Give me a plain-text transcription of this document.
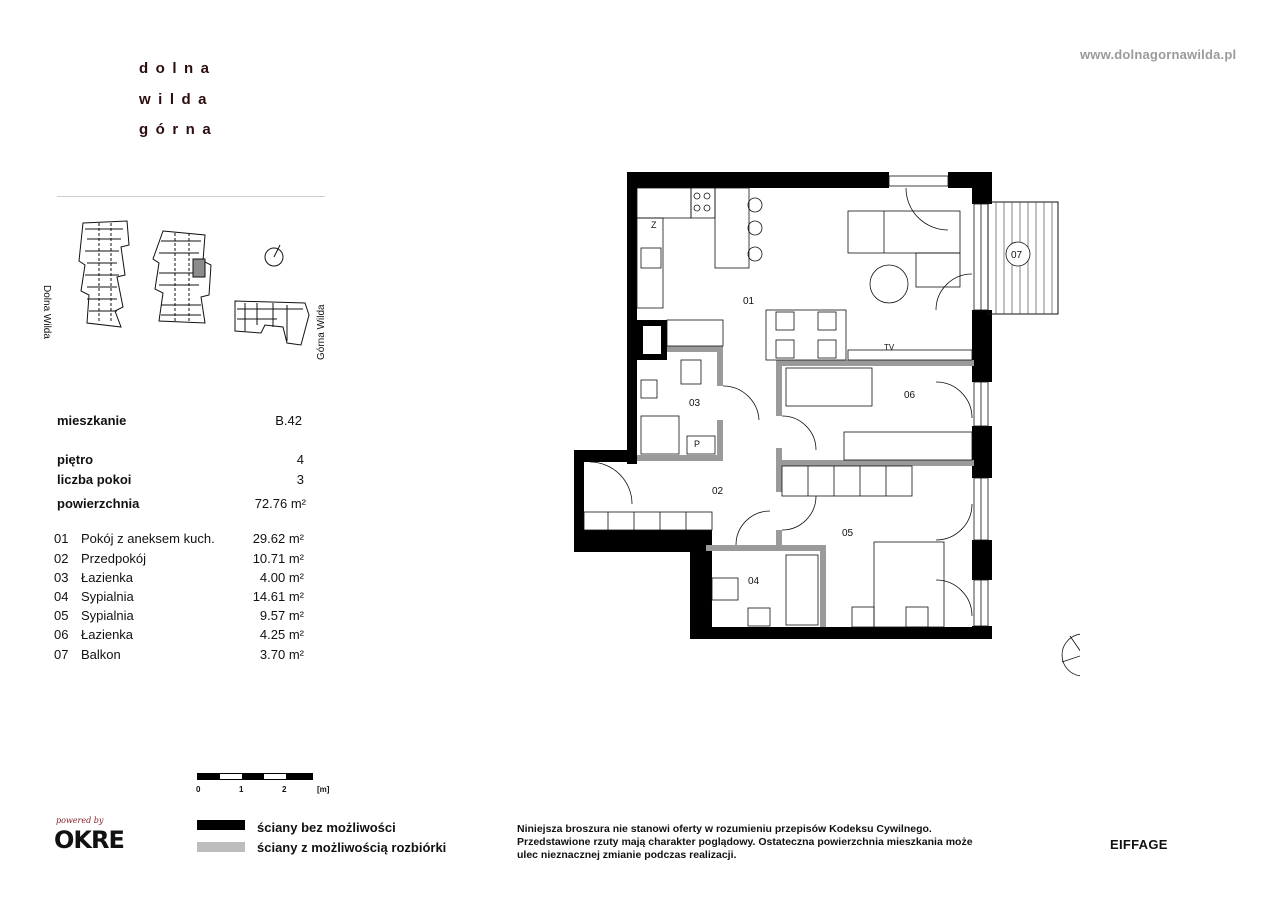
dolna
wilda
górna
www.dolnagornawilda.pl
Dolna Wilda	Górna Wilda
mieszkanie	B.42
piętro	4
liczba pokoi	3
powierzchnia	72.76 m²
01 Pokój z aneksem kuch.	29.62 m²
02 Przedpokój	10.71 m²
03 Łazienka	4.00 m²
04 Sypialnia	14.61 m²
05 Sypialnia	9.57 m²
06 Łazienka	4.25 m²
07 Balkon	3.70 m²
01
02
03
04
05
06
07
TV
P
Z
0	1	2	[m]
ściany bez możliwości
ściany z możliwością rozbiórki
Niniejsza broszura nie stanowi oferty w rozumieniu przepisów Kodeksu Cywilnego.
Przedstawione rzuty mają charakter poglądowy. Ostateczna powierzchnia mieszkania może
ulec nieznacznej zmianie podczas realizacji.
powered by
OKRE	EIFFAGE
